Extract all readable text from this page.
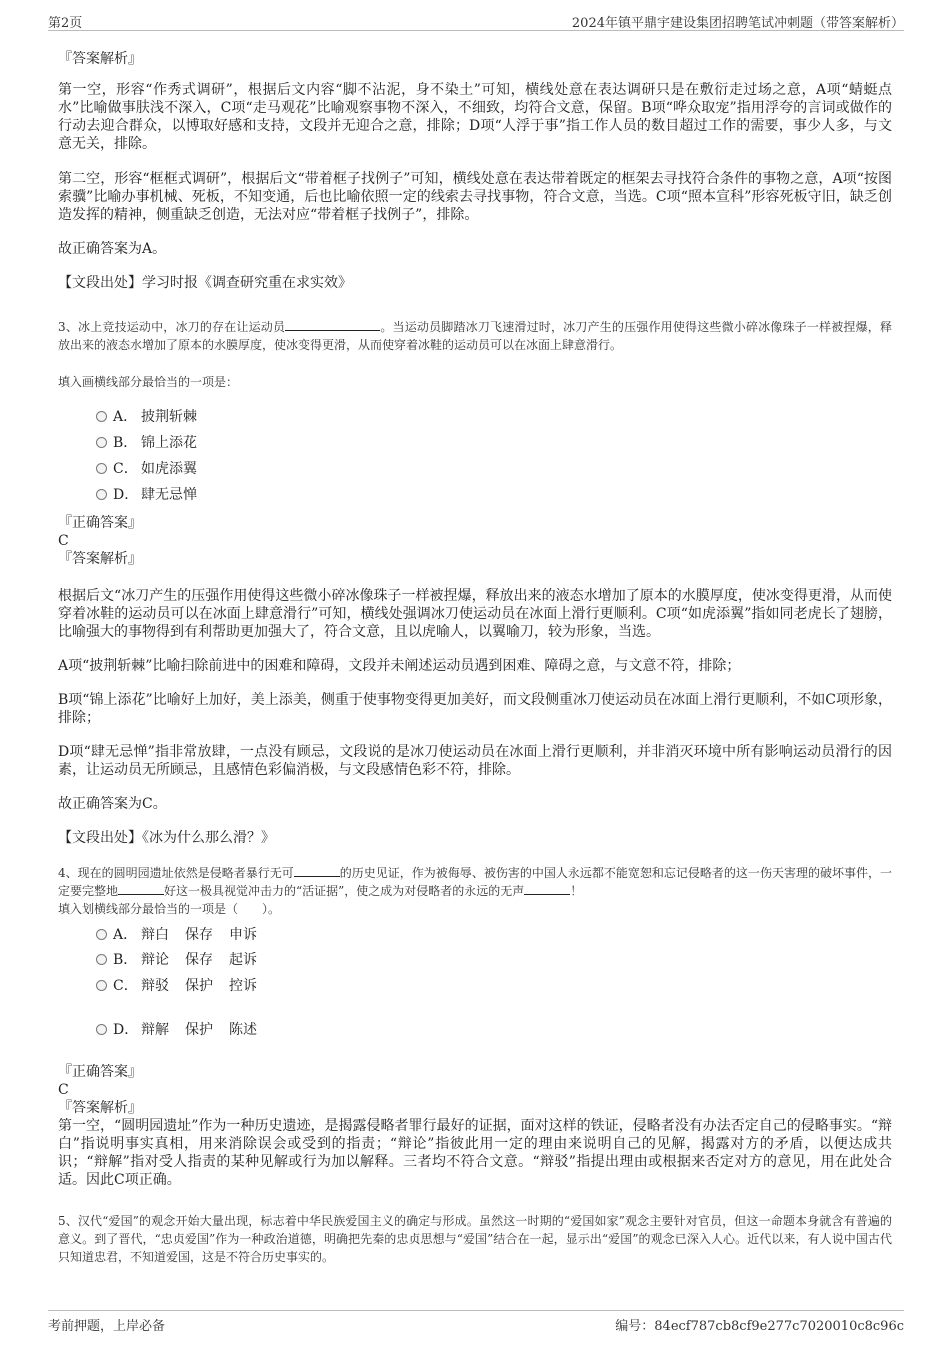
第2页	2024年镇平鼎宇建设集团招聘笔试冲刺题（带答案解析）

『答案解析』

第一空，形容“作秀式调研”，根据后文内容“脚不沾泥，身不染土”可知，横线处意在表达调研只是在敷衍走过场之意，A项“蜻蜓点水”比喻做事肤浅不深入，C项“走马观花”比喻观察事物不深入，不细致，均符合文意，保留。B项“哗众取宠”指用浮夸的言词或做作的行动去迎合群众，以博取好感和支持，文段并无迎合之意，排除；D项“人浮于事”指工作人员的数目超过工作的需要，事少人多，与文意无关，排除。

第二空，形容“框框式调研”，根据后文“带着框子找例子”可知，横线处意在表达带着既定的框架去寻找符合条件的事物之意，A项“按图索骥”比喻办事机械、死板，不知变通，后也比喻依照一定的线索去寻找事物，符合文意，当选。C项“照本宣科”形容死板守旧，缺乏创造发挥的精神，侧重缺乏创造，无法对应“带着框子找例子”，排除。

故正确答案为A。

【文段出处】学习时报《调查研究重在求实效》

3、冰上竞技运动中，冰刀的存在让运动员	。当运动员脚踏冰刀飞速滑过时，冰刀产生的压强作用使得这些微小碎冰像珠子一样被捏爆，释放出来的液态水增加了原本的水膜厚度，使冰变得更滑，从而使穿着冰鞋的运动员可以在冰面上肆意滑行。

填入画横线部分最恰当的一项是：

A． 披荆斩棘
B． 锦上添花
C． 如虎添翼
D． 肆无忌惮

『正确答案』

C

『答案解析』

根据后文“冰刀产生的压强作用使得这些微小碎冰像珠子一样被捏爆，释放出来的液态水增加了原本的水膜厚度，使冰变得更滑，从而使穿着冰鞋的运动员可以在冰面上肆意滑行”可知，横线处强调冰刀使运动员在冰面上滑行更顺利。C项“如虎添翼”指如同老虎长了翅膀，比喻强大的事物得到有利帮助更加强大了，符合文意，且以虎喻人，以翼喻刀，较为形象，当选。

A项“披荆斩棘”比喻扫除前进中的困难和障碍，文段并未阐述运动员遇到困难、障碍之意，与文意不符，排除；

B项“锦上添花”比喻好上加好，美上添美，侧重于使事物变得更加美好，而文段侧重冰刀使运动员在冰面上滑行更顺利，不如C项形象，排除；

D项“肆无忌惮”指非常放肆，一点没有顾忌，文段说的是冰刀使运动员在冰面上滑行更顺利，并非消灭环境中所有影响运动员滑行的因素，让运动员无所顾忌，且感情色彩偏消极，与文段感情色彩不符，排除。

故正确答案为C。

【文段出处】《冰为什么那么滑？》

4、现在的圆明园遗址依然是侵略者暴行无可	的历史见证，作为被侮辱、被伤害的中国人永远都不能宽恕和忘记侵略者的这一伤天害理的破坏事件，一定要完整地	好这一极具视觉冲击力的“活证据”，使之成为对侵略者的永远的无声	！

填入划横线部分最恰当的一项是（　　）。

A． 辩白 保存 申诉
B． 辩论 保存 起诉
C． 辩驳 保护 控诉
D． 辩解 保护 陈述

『正确答案』

C

『答案解析』

第一空，“圆明园遗址”作为一种历史遗迹，是揭露侵略者罪行最好的证据，面对这样的铁证，侵略者没有办法否定自己的侵略事实。“辩白”指说明事实真相，用来消除误会或受到的指责；“辩论”指彼此用一定的理由来说明自己的见解，揭露对方的矛盾，以便达成共识；“辩解”指对受人指责的某种见解或行为加以解释。三者均不符合文意。“辩驳”指提出理由或根据来否定对方的意见，用在此处合适。因此C项正确。

5、汉代“爱国”的观念开始大量出现，标志着中华民族爱国主义的确定与形成。虽然这一时期的“爱国如家”观念主要针对官员，但这一命题本身就含有普遍的意义。到了晋代，“忠贞爱国”作为一种政治道德，明确把先秦的忠贞思想与“爱国”结合在一起，显示出“爱国”的观念已深入人心。近代以来，有人说中国古代只知道忠君，不知道爱国，这是不符合历史事实的。

考前押题，上岸必备	编号：84ecf787cb8cf9e277c7020010c8c96c
